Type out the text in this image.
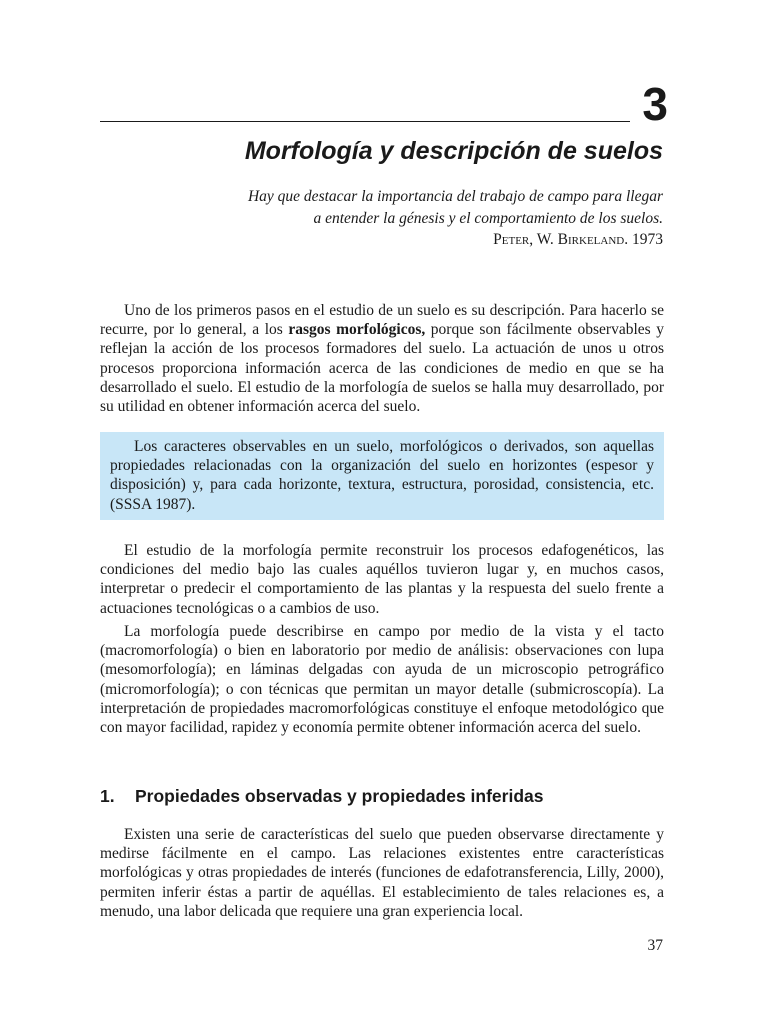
3
Morfología y descripción de suelos
Hay que destacar la importancia del trabajo de campo para llegar
a entender la génesis y el comportamiento de los suelos.
Peter, W. Birkeland. 1973

Uno de los primeros pasos en el estudio de un suelo es su descripción. Para hacerlo se recurre, por lo general, a los rasgos morfológicos, porque son fácilmente observables y reflejan la acción de los procesos formadores del suelo. La actuación de unos u otros procesos proporciona información acerca de las condiciones de medio en que se ha desarrollado el suelo. El estudio de la morfología de suelos se halla muy desarrollado, por su utilidad en obtener información acerca del suelo.

Los caracteres observables en un suelo, morfológicos o derivados, son aquellas propiedades relacionadas con la organización del suelo en horizontes (espesor y disposición) y, para cada horizonte, textura, estructura, porosidad, consistencia, etc. (SSSA 1987).

El estudio de la morfología permite reconstruir los procesos edafogenéticos, las condiciones del medio bajo las cuales aquéllos tuvieron lugar y, en muchos casos, interpretar o predecir el comportamiento de las plantas y la respuesta del suelo frente a actuaciones tecnológicas o a cambios de uso.

La morfología puede describirse en campo por medio de la vista y el tacto (macromorfología) o bien en laboratorio por medio de análisis: observaciones con lupa (mesomorfología); en láminas delgadas con ayuda de un microscopio petrográfico (micromorfología); o con técnicas que permitan un mayor detalle (submicroscopía). La interpretación de propiedades macromorfológicas constituye el enfoque metodológico que con mayor facilidad, rapidez y economía permite obtener información acerca del suelo.

1. Propiedades observadas y propiedades inferidas

Existen una serie de características del suelo que pueden observarse directamente y medirse fácilmente en el campo. Las relaciones existentes entre características morfológicas y otras propiedades de interés (funciones de edafotransferencia, Lilly, 2000), permiten inferir éstas a partir de aquéllas. El establecimiento de tales relaciones es, a menudo, una labor delicada que requiere una gran experiencia local.

37
